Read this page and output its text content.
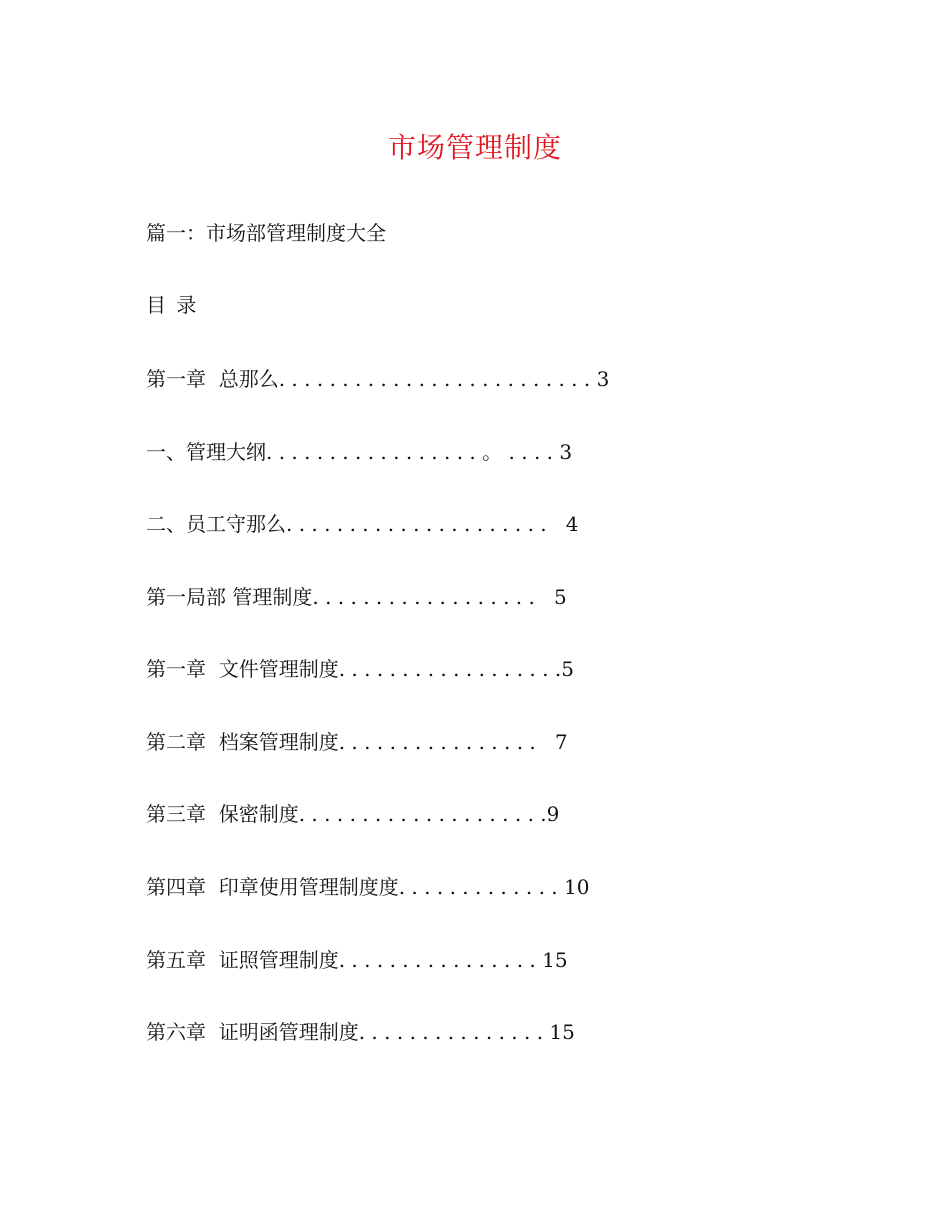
市场管理制度
篇一：市场部管理制度大全
目 录
第一章  总那么. . . . . . . . . . . . . . . . . . . . . . . . . 3
一、管理大纲. . . . . . . . . . . . . . . . . 。 . . . . 3
二、员工守那么. . . . . . . . . . . . . . . . . . . . .   4
第一局部 管理制度. . . . . . . . . . . . . . . . . .   5
第一章  文件管理制度. . . . . . . . . . . . . . . . . .5
第二章  档案管理制度. . . . . . . . . . . . . . . .   7
第三章  保密制度. . . . . . . . . . . . . . . . . . . .9
第四章  印章使用管理制度度. . . . . . . . . . . . . 10
第五章  证照管理制度. . . . . . . . . . . . . . . . 15
第六章  证明函管理制度. . . . . . . . . . . . . . . 15
